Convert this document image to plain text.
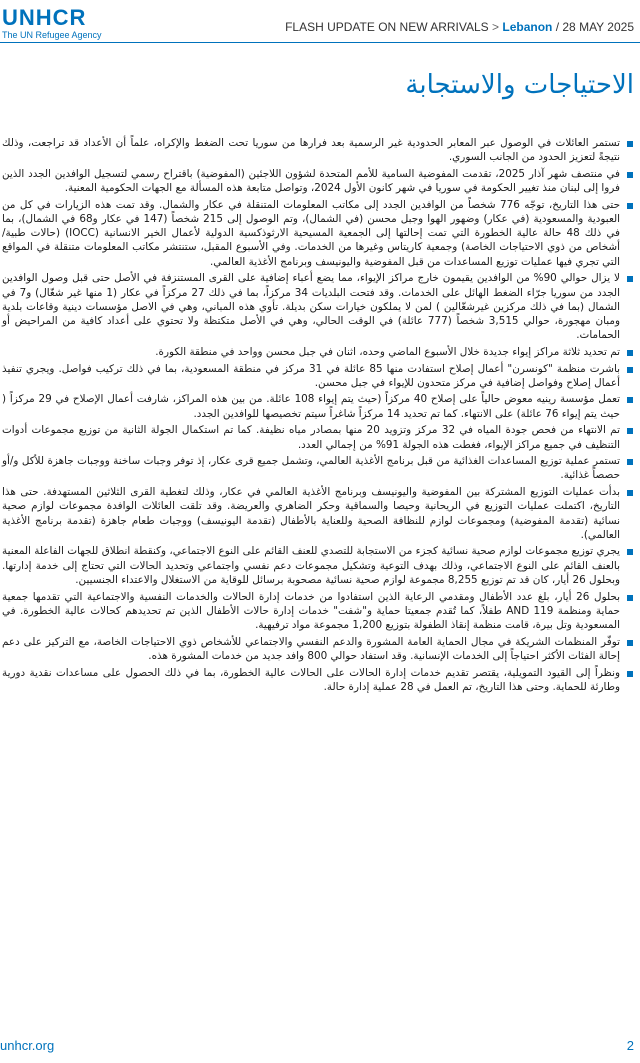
UNHCR
The UN Refugee Agency
FLASH UPDATE ON NEW ARRIVALS > Lebanon / 28 MAY 2025
الاحتياجات والاستجابة
تستمر العائلات في الوصول عبر المعابر الحدودية غير الرسمية بعد فرارها من سوريا تحت الضغط والإكراه، علماً أن الأعداد قد تراجعت، وذلك نتيجةً لتعزيز الحدود من الجانب السوري.
في منتصف شهر آذار 2025، تقدمت المفوضية السامية للأمم المتحدة لشؤون اللاجئين (المفوضية) باقتراح رسمي لتسجيل الوافدين الجدد الذين فروا إلى لبنان منذ تغيير الحكومة في سوريا في شهر كانون الأول 2024، وتواصل متابعة هذه المسألة مع الجهات الحكومية المعنية.
حتى هذا التاريخ، توجّه 776 شخصاً من الوافدين الجدد إلى مكاتب المعلومات المتنقلة في عكار والشمال. وقد تمت هذه الزيارات في كل من العبودية والمسعودية (في عكار) وضهور الهوا وجبل محسن (في الشمال)، وتم الوصول إلى 215 شخصاً (147 في عكار و68 في الشمال)، بما في ذلك 48 حالة عالية الخطورة التي تمت إحالتها إلى الجمعية المسيحية الارثوذكسية الدولية لأعمال الخير الانسانية (IOCC) (حالات طبية/أشخاص من ذوي الاحتياجات الخاصة) وجمعية كاريتاس وغيرها من الخدمات. وفي الأسبوع المقبل، ستنتشر مكاتب المعلومات متنقلة في المواقع التي تجري فيها عمليات توزيع المساعدات من قبل المفوضية واليونيسف وبرنامج الأغذية العالمي.
لا يزال حوالي 90% من الوافدين يقيمون خارج مراكز الإيواء، مما يضع أعباء إضافية على القرى المستنزفة في الأصل حتى قبل وصول الوافدين الجدد من سوريا جرّاء الضغط الهائل على الخدمات. وقد فتحت البلديات 34 مركزاً، بما في ذلك 27 مركزاً في عكار (1 منها غير شغّال) و7 في الشمال (بما في ذلك مركزين غيرشغّالين ) لمن لا يملكون خيارات سكن بديلة. تأوي هذه المباني، وهي في الاصل مؤسسات دينية وقاعات بلدية ومبان مهجورة، حوالي 3,515 شخصاً (777 عائلة) في الوقت الحالي، وهي في الأصل متكتظة ولا تحتوي على أعداد كافية من المراحيض أو الحمامات.
تم تحديد ثلاثة مراكز إيواء جديدة خلال الأسبوع الماضي وحده، اثنان في جبل محسن وواحد في منطقة الكورة.
باشرت منظمة "كونسرن" أعمال إصلاح استفادت منها 85 عائلة في 31 مركز في منطقة المسعودية، بما في ذلك تركيب فواصل. ويجري تنفيذ أعمال إصلاح وفواصل إضافية في مركز متحدون للإيواء في جبل محسن.
تعمل مؤسسة رينيه معوض حالياً على إصلاح 40 مركزاً (حيث يتم إيواء 108 عائلة. من بين هذه المراكز، شارفت أعمال الإصلاح في 29 مركزاً ( حيث يتم إيواء 76 عائلة) على الانتهاء. كما تم تحديد 14 مركزاً شاغراً سيتم تخصيصها للوافدين الجدد.
تم الانتهاء من فحص جودة المياه في 32 مركز وتزويد 20 منها بمصادر مياه نظيفة. كما تم استكمال الجولة الثانية من توزيع مجموعات أدوات التنظيف في جميع مراكز الإيواء، فغطت هذه الجولة 91% من إجمالي العدد.
تستمر عملية توزيع المساعدات الغذائية من قبل برنامج الأغذية العالمي، وتشمل جميع قرى عكار، إذ توفر وجبات ساخنة ووجبات جاهزة للأكل و/أو حصصاً غذائية.
بدأت عمليات التوزيع المشتركة بين المفوضية واليونيسف وبرنامج الأغذية العالمي في عكار، وذلك لتغطية القرى الثلاثين المستهدفة. حتى هذا التاريخ، اكتملت عمليات التوزيع في الريحانية وحيصا والسماقية وحكر الضاهري والعريضة. وقد تلقت العائلات الوافدة مجموعات لوازم صحية نسائية (تقدمة المفوضية) ومجموعات لوازم للنظافة الصحية وللعناية بالأطفال (تقدمة اليونيسف) ووجبات طعام جاهزة (تقدمة برنامج الأغذية العالمي).
يجري توزيع مجموعات لوازم صحية نسائية كجزء من الاستجابة للتصدي للعنف القائم على النوع الاجتماعي، وكنقطة انطلاق للجهات الفاعلة المعنية بالعنف القائم على النوع الاجتماعي، وذلك بهدف التوعية وتشكيل مجموعات دعم نفسي واجتماعي وتحديد الحالات التي تحتاج إلى خدمة إدارتها. وبحلول 26 أيار، كان قد تم توزيع 8,255 مجموعة لوازم صحية نسائية مصحوبة برسائل للوقاية من الاستغلال والاعتداء الجنسيين.
بحلول 26 أيار، بلغ عدد الأطفال ومقدمي الرعاية الذين استفادوا من خدمات إدارة الحالات والخدمات النفسية والاجتماعية التي تقدمها جمعية حماية ومنظمة AND 119 طفلاً، كما تُقدم جمعيتا حماية و"شفت" خدمات إدارة حالات الأطفال الذين تم تحديدهم كحالات عالية الخطورة. في المسعودية وتل بيرة، قامت منظمة إنقاذ الطفولة بتوزيع 1,200 مجموعة مواد ترفيهية.
توفّر المنظمات الشريكة في مجال الحماية العامة المشورة والدعم النفسي والاجتماعي للأشخاص ذوي الاحتياجات الخاصة، مع التركيز على دعم إحالة الفئات الأكثر احتياجاً إلى الخدمات الإنسانية. وقد استفاد حوالي 800 وافد جديد من خدمات المشورة هذه.
ونظراً إلى القيود التمويلية، يقتصر تقديم خدمات إدارة الحالات على الحالات عالية الخطورة، بما في ذلك الحصول على مساعدات نقدية دورية وطارئة للحماية. وحتى هذا التاريخ، تم العمل في 28 عملية إدارة حالة.
unhcr.org	2
